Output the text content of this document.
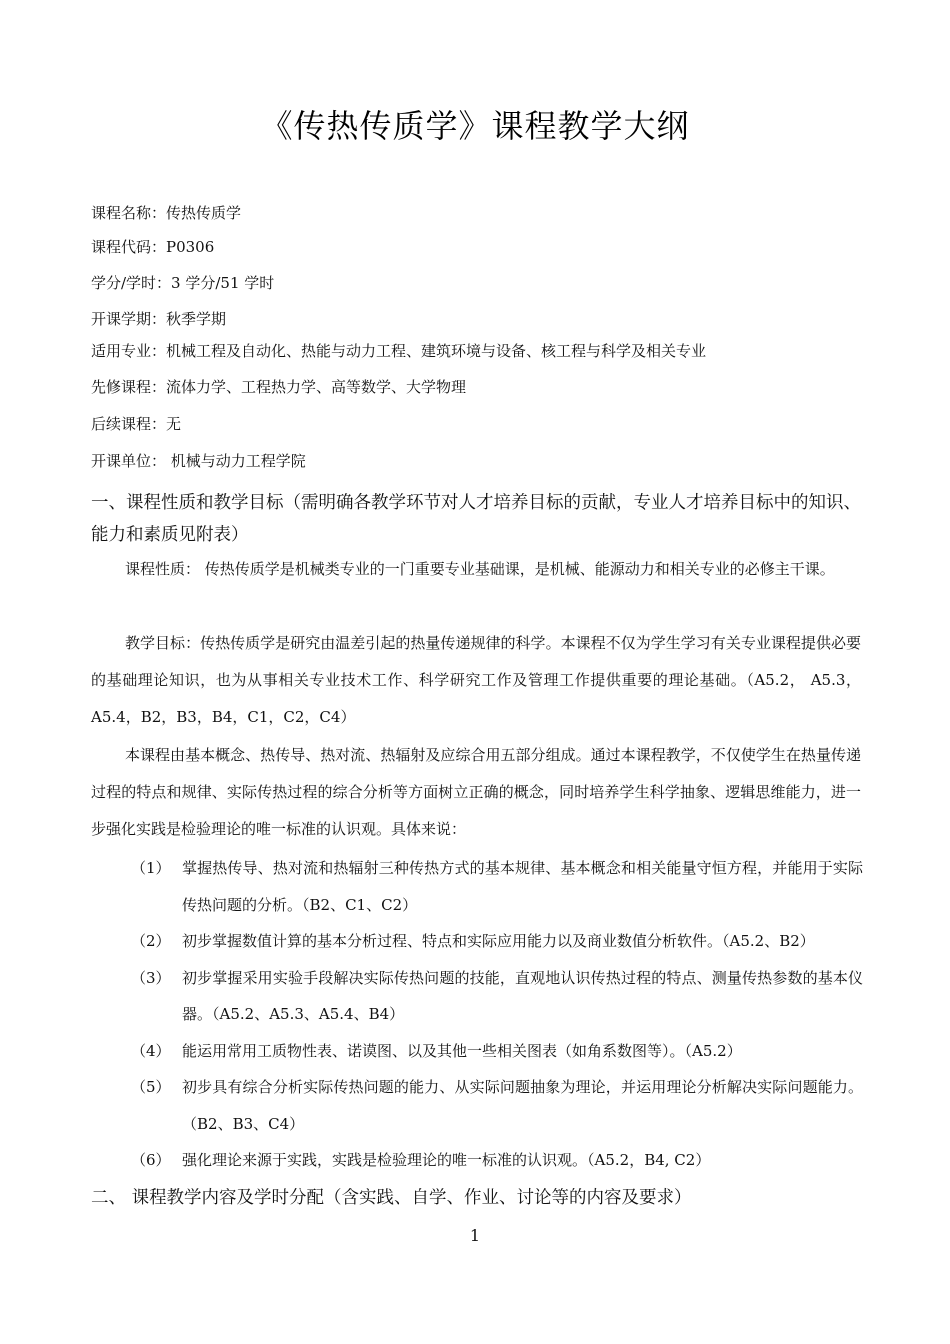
《传热传质学》课程教学大纲
课程名称：传热传质学
课程代码：P0306
学分/学时：3 学分/51 学时
开课学期：秋季学期
适用专业：机械工程及自动化、热能与动力工程、建筑环境与设备、核工程与科学及相关专业
先修课程：流体力学、工程热力学、高等数学、大学物理
后续课程：无
开课单位： 机械与动力工程学院
一、课程性质和教学目标（需明确各教学环节对人才培养目标的贡献，专业人才培养目标中的知识、能力和素质见附表）
课程性质： 传热传质学是机械类专业的一门重要专业基础课，是机械、能源动力和相关专业的必修主干课。
教学目标：传热传质学是研究由温差引起的热量传递规律的科学。本课程不仅为学生学习有关专业课程提供必要的基础理论知识，也为从事相关专业技术工作、科学研究工作及管理工作提供重要的理论基础。（A5.2， A5.3，A5.4，B2，B3，B4，C1，C2，C4）
本课程由基本概念、热传导、热对流、热辐射及应综合用五部分组成。通过本课程教学，不仅使学生在热量传递过程的特点和规律、实际传热过程的综合分析等方面树立正确的概念，同时培养学生科学抽象、逻辑思维能力，进一步强化实践是检验理论的唯一标准的认识观。具体来说：
（1） 掌握热传导、热对流和热辐射三种传热方式的基本规律、基本概念和相关能量守恒方程，并能用于实际传热问题的分析。（B2、C1、C2）
（2） 初步掌握数值计算的基本分析过程、特点和实际应用能力以及商业数值分析软件。（A5.2、B2）
（3） 初步掌握采用实验手段解决实际传热问题的技能，直观地认识传热过程的特点、测量传热参数的基本仪器。（A5.2、A5.3、A5.4、B4）
（4） 能运用常用工质物性表、诺谟图、以及其他一些相关图表（如角系数图等）。（A5.2）
（5） 初步具有综合分析实际传热问题的能力、从实际问题抽象为理论，并运用理论分析解决实际问题能力。（B2、B3、C4）
（6） 强化理论来源于实践，实践是检验理论的唯一标准的认识观。（A5.2，B4, C2）
二、 课程教学内容及学时分配（含实践、自学、作业、讨论等的内容及要求）
1
